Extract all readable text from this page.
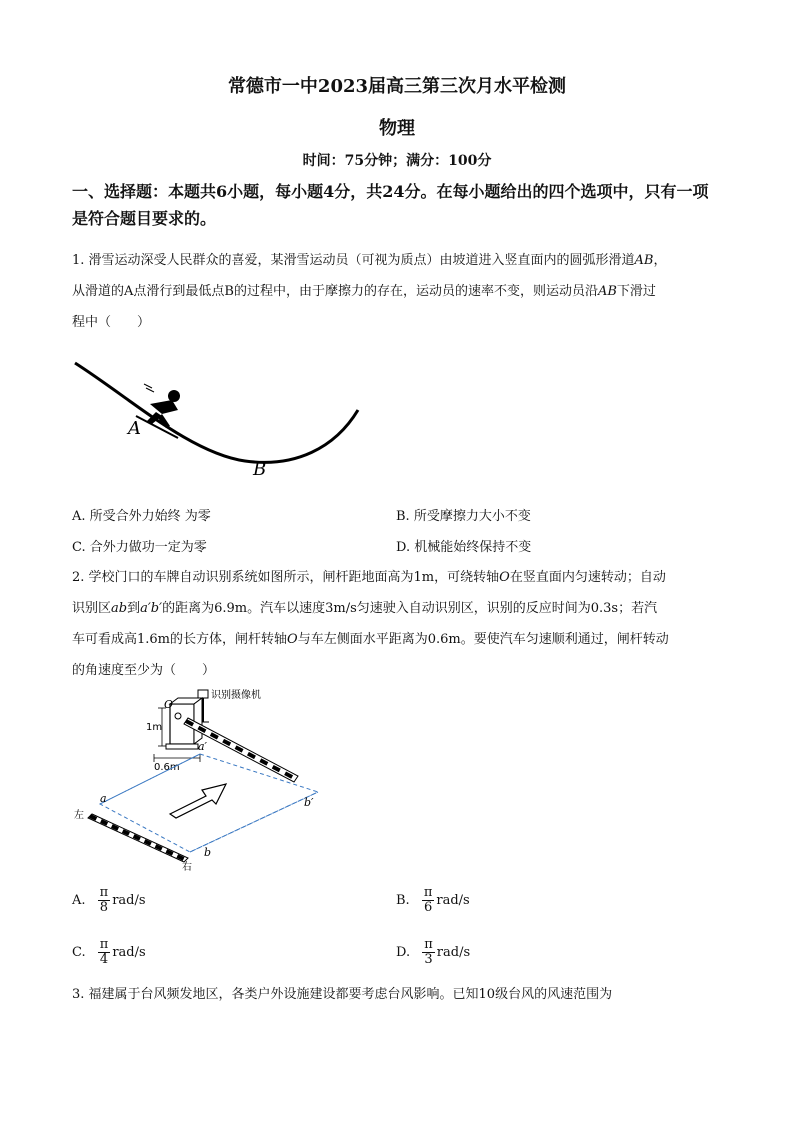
常德市一中2023届高三第三次月水平检测
物理
时间：75分钟；满分：100分
一、选择题：本题共6小题，每小题4分，共24分。在每小题给出的四个选项中，只有一项
是符合题目要求的。
1. 滑雪运动深受人民群众的喜爱，某滑雪运动员（可视为质点）由坡道进入竖直面内的圆弧形滑道AB，
从滑道的A点滑行到最低点B的过程中，由于摩擦力的存在，运动员的速率不变，则运动员沿AB下滑过
程中（　　）
A
B
A. 所受合外力始终 为零	B. 所受摩擦力大小不变
C. 合外力做功一定为零	D. 机械能始终保持不变
2. 学校门口的车牌自动识别系统如图所示，闸杆距地面高为1m，可绕转轴O在竖直面内匀速转动；自动
识别区ab到a′b′的距离为6.9m。汽车以速度3m/s匀速驶入自动识别区，识别的反应时间为0.3s；若汽
车可看成高1.6m的长方体，闸杆转轴O与车左侧面水平距离为0.6m。要使汽车匀速顺利通过，闸杆转动
的角速度至少为（　　）
识别摄像机
O
1m
0.6m
a′
b′
a
b
左
右
A. $\frac{\pi}{8} rad/s$	B. $\frac{\pi}{6} rad/s$
C. $\frac{\pi}{4} rad/s$	D. $\frac{\pi}{3} rad/s$
3. 福建属于台风频发地区，各类户外设施建设都要考虑台风影响。已知10级台风的风速范围为
